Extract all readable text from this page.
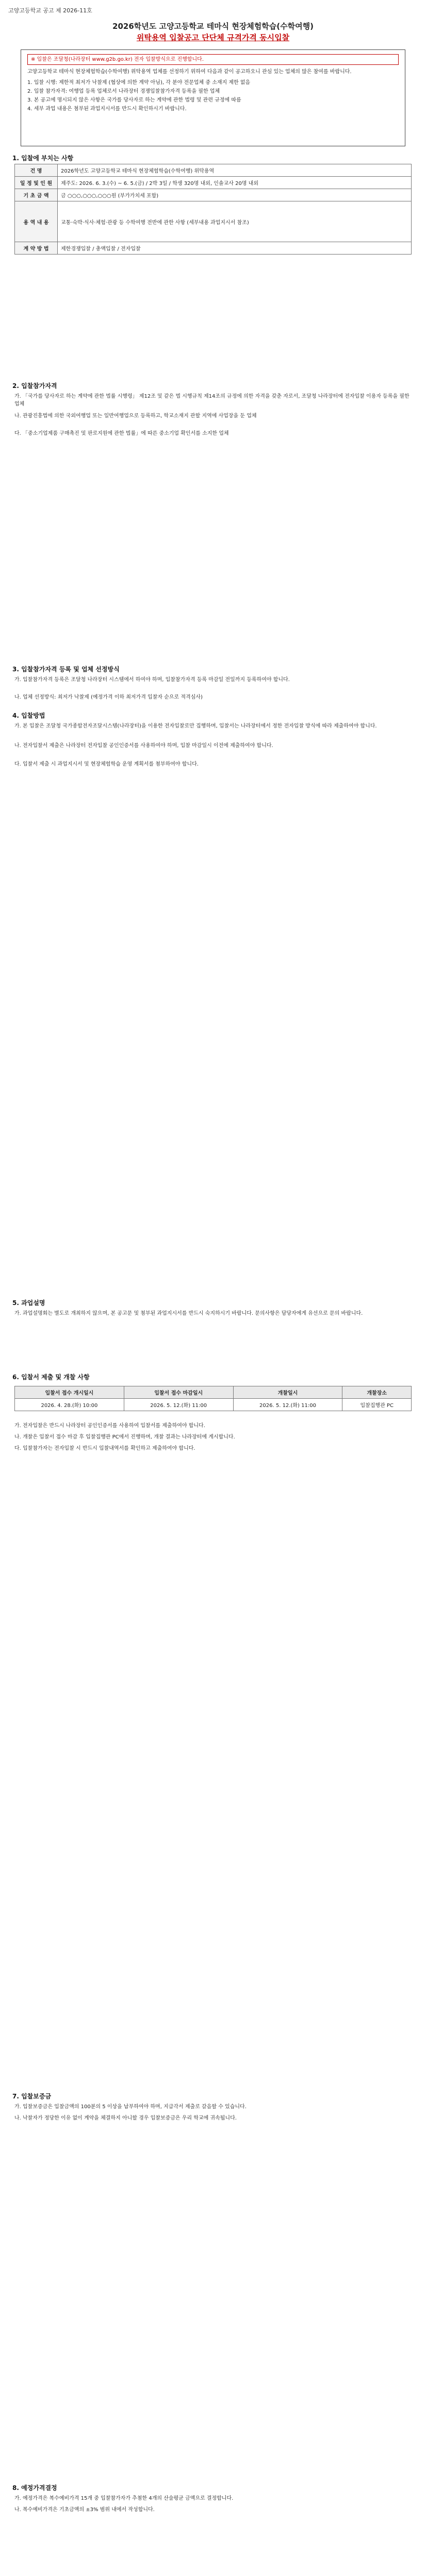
고양고등학교 공고 제 2026-11호
2026학년도 고양고등학교 테마식 현장체험학습(수학여행)
위탁용역 입찰공고 단단체 규격가격 동시입찰
※ 입찰은 조달청(나라장터 www.g2b.go.kr) 전자 입찰방식으로 진행합니다.
고양고등학교 테마식 현장체험학습(수학여행) 위탁용역 업체를 선정하기 위하여 다음과 같이 공고하오니 관심 있는 업체의 많은 참여를 바랍니다.
1. 입찰 시행: 제한적 최저가 낙찰제 (협상에 의한 계약 아님), 각 분야 전문업체 중 소재지 제한 없음
2. 입찰 참가자격: 여행업 등록 업체로서 나라장터 경쟁입찰참가자격 등록을 필한 업체
3. 본 공고에 명시되지 않은 사항은 국가를 당사자로 하는 계약에 관한 법령 및 관련 규정에 따름
4. 세부 과업 내용은 첨부된 과업지시서를 반드시 확인하시기 바랍니다.
1. 입찰에 부치는 사항
건 명	2026학년도 고양고등학교 테마식 현장체험학습(수학여행) 위탁용역
일 정 및 인 원	제주도: 2026. 6. 3.(수) ~ 6. 5.(금) / 2박 3일 / 학생 320명 내외, 인솔교사 20명 내외
기 초 금 액	금 ○○○,○○○,○○○원 (부가가치세 포함)
용 역 내 용	교통·숙박·식사·체험·관광 등 수학여행 전반에 관한 사항 (세부내용 과업지시서 참조)
계 약 방 법	제한경쟁입찰 / 총액입찰 / 전자입찰
2. 입찰참가자격
가. 「국가를 당사자로 하는 계약에 관한 법률 시행령」 제12조 및 같은 법 시행규칙 제14조의 규정에 의한 자격을 갖춘 자로서, 조달청 나라장터에 전자입찰 이용자 등록을 필한 업체
나. 관광진흥법에 의한 국외여행업 또는 일반여행업으로 등록하고, 학교소재지 관할 지역에 사업장을 둔 업체
다. 「중소기업제품 구매촉진 및 판로지원에 관한 법률」에 따른 중소기업 확인서를 소지한 업체
3. 입찰참가자격 등록 및 업체 선정방식
가. 입찰참가자격 등록은 조달청 나라장터 시스템에서 하여야 하며, 입찰참가자격 등록 마감일 전일까지 등록하여야 합니다.
나. 업체 선정방식: 최저가 낙찰제 (예정가격 이하 최저가격 입찰자 순으로 적격심사)
4. 입찰방법
가. 본 입찰은 조달청 국가종합전자조달시스템(나라장터)을 이용한 전자입찰로만 집행하며, 입찰서는 나라장터에서 정한 전자입찰 방식에 따라 제출하여야 합니다.
나. 전자입찰서 제출은 나라장터 전자입찰 공인인증서를 사용하여야 하며, 입찰 마감일시 이전에 제출하여야 합니다.
다. 입찰서 제출 시 과업지시서 및 현장체험학습 운영 계획서를 첨부하여야 합니다.
5. 과업설명
가. 과업설명회는 별도로 개최하지 않으며, 본 공고문 및 첨부된 과업지시서를 반드시 숙지하시기 바랍니다. 문의사항은 담당자에게 유선으로 문의 바랍니다.
6. 입찰서 제출 및 개찰 사항
입찰서 접수 개시일시	입찰서 접수 마감일시	개찰일시	개찰장소
2026. 4. 28.(화) 10:00	2026. 5. 12.(화) 11:00	2026. 5. 12.(화) 11:00	입찰집행관 PC
가. 전자입찰은 반드시 나라장터 공인인증서를 사용하여 입찰서를 제출하여야 합니다.
나. 개찰은 입찰서 접수 마감 후 입찰집행관 PC에서 진행하며, 개찰 결과는 나라장터에 게시합니다.
다. 입찰참가자는 전자입찰 시 반드시 입찰내역서를 확인하고 제출하여야 합니다.
7. 입찰보증금
가. 입찰보증금은 입찰금액의 100분의 5 이상을 납부하여야 하며, 지급각서 제출로 갈음할 수 있습니다.
나. 낙찰자가 정당한 이유 없이 계약을 체결하지 아니할 경우 입찰보증금은 우리 학교에 귀속됩니다.
8. 예정가격결정
가. 예정가격은 복수예비가격 15개 중 입찰참가자가 추첨한 4개의 산술평균 금액으로 결정합니다.
나. 복수예비가격은 기초금액의 ±3% 범위 내에서 작성합니다.
